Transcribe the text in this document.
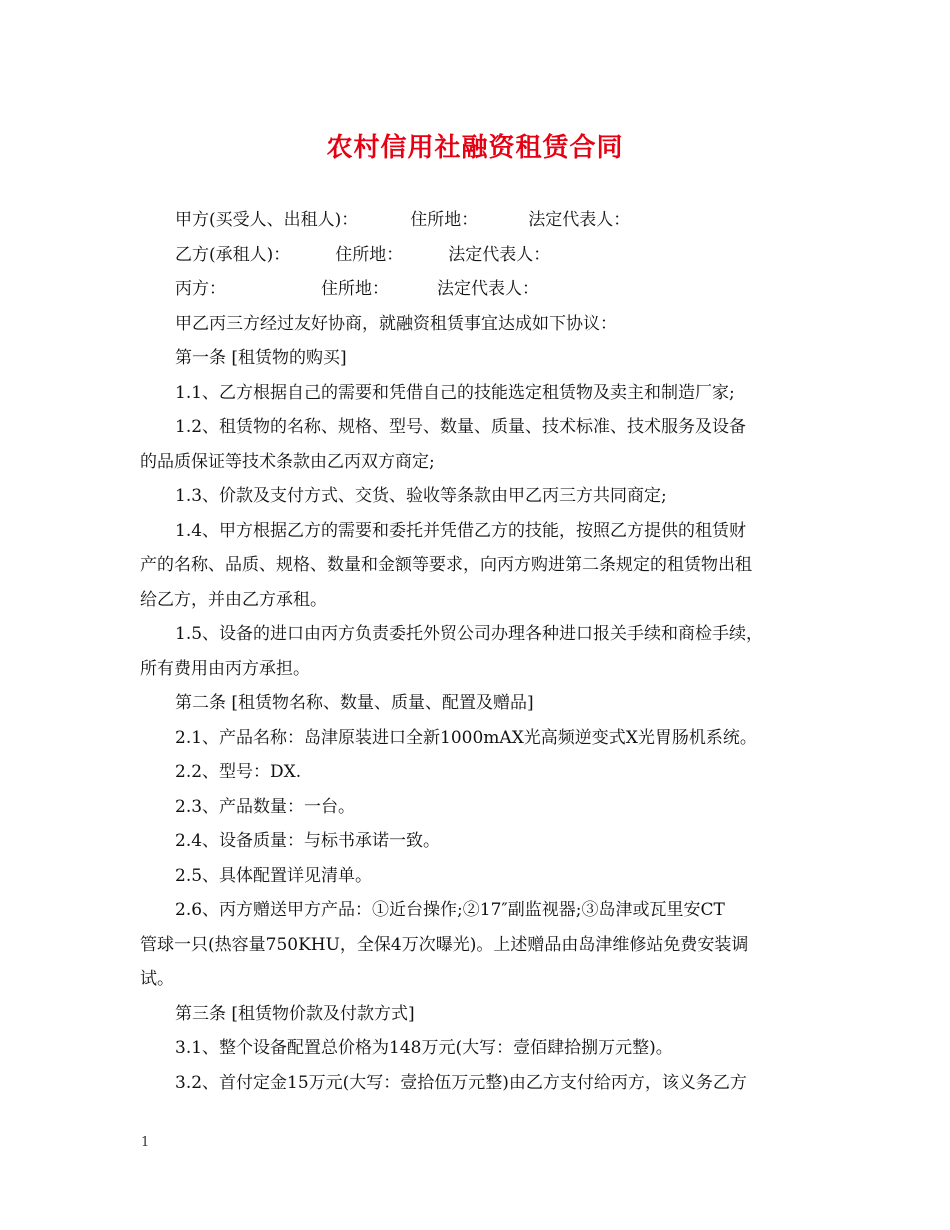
农村信用社融资租赁合同

甲方(买受人、出租人)：	住所地：	法定代表人：

乙方(承租人)：	住所地：	法定代表人：

丙方：	住所地：	法定代表人：

甲乙丙三方经过友好协商，就融资租赁事宜达成如下协议：

第一条 [租赁物的购买]

1.1、乙方根据自己的需要和凭借自己的技能选定租赁物及卖主和制造厂家;

1.2、租赁物的名称、规格、型号、数量、质量、技术标准、技术服务及设备

的品质保证等技术条款由乙丙双方商定;

1.3、价款及支付方式、交货、验收等条款由甲乙丙三方共同商定;

1.4、甲方根据乙方的需要和委托并凭借乙方的技能，按照乙方提供的租赁财

产的名称、品质、规格、数量和金额等要求，向丙方购进第二条规定的租赁物出租

给乙方，并由乙方承租。

1.5、设备的进口由丙方负责委托外贸公司办理各种进口报关手续和商检手续，

所有费用由丙方承担。

第二条 [租赁物名称、数量、质量、配置及赠品]

2.1、产品名称：岛津原装进口全新1000mAX光高频逆变式X光胃肠机系统。

2.2、型号：DX.

2.3、产品数量：一台。

2.4、设备质量：与标书承诺一致。

2.5、具体配置详见清单。

2.6、丙方赠送甲方产品：①近台操作;②17″副监视器;③岛津或瓦里安CT

管球一只(热容量750KHU，全保4万次曝光)。上述赠品由岛津维修站免费安装调

试。

第三条 [租赁物价款及付款方式]

3.1、整个设备配置总价格为148万元(大写：壹佰肆拾捌万元整)。

3.2、首付定金15万元(大写：壹拾伍万元整)由乙方支付给丙方，该义务乙方

1
